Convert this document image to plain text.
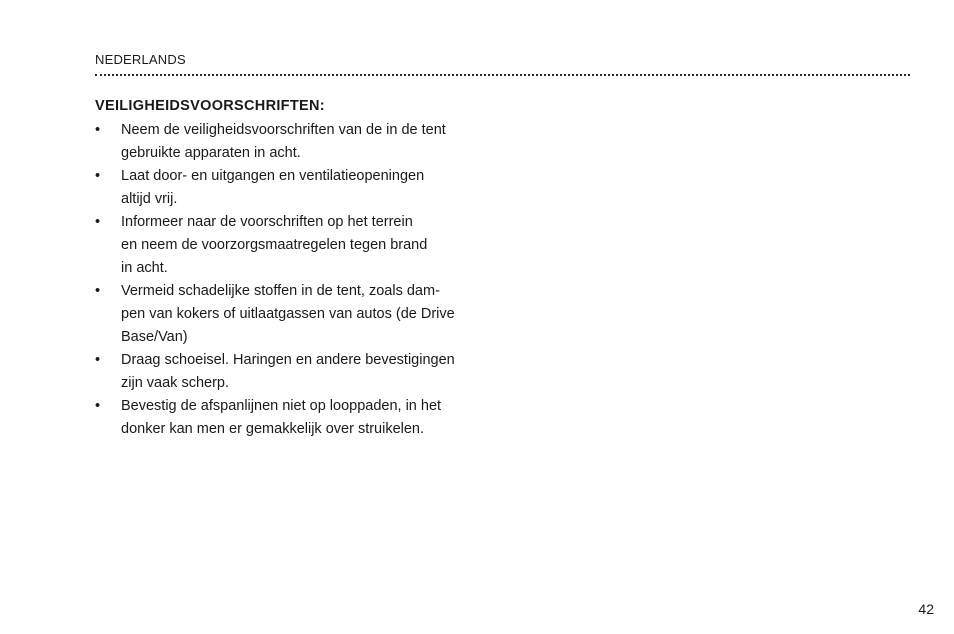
NEDERLANDS
VEILIGHEIDSVOORSCHRIFTEN:
•	Neem de veiligheidsvoorschriften van de in de tent
gebruikte apparaten in acht.
•	Laat door- en uitgangen en ventilatieopeningen
altijd vrij.
•	Informeer naar de voorschriften op het terrein
en neem de voorzorgsmaatregelen tegen brand
in acht.
•	Vermeid schadelijke stoffen in de tent, zoals dam-
pen van kokers of uitlaatgassen van autos (de Drive
Base/Van)
•	Draag schoeisel. Haringen en andere bevestigingen
zijn vaak scherp.
•	Bevestig de afspanlijnen niet op looppaden, in het
donker kan men er gemakkelijk over struikelen.
42
